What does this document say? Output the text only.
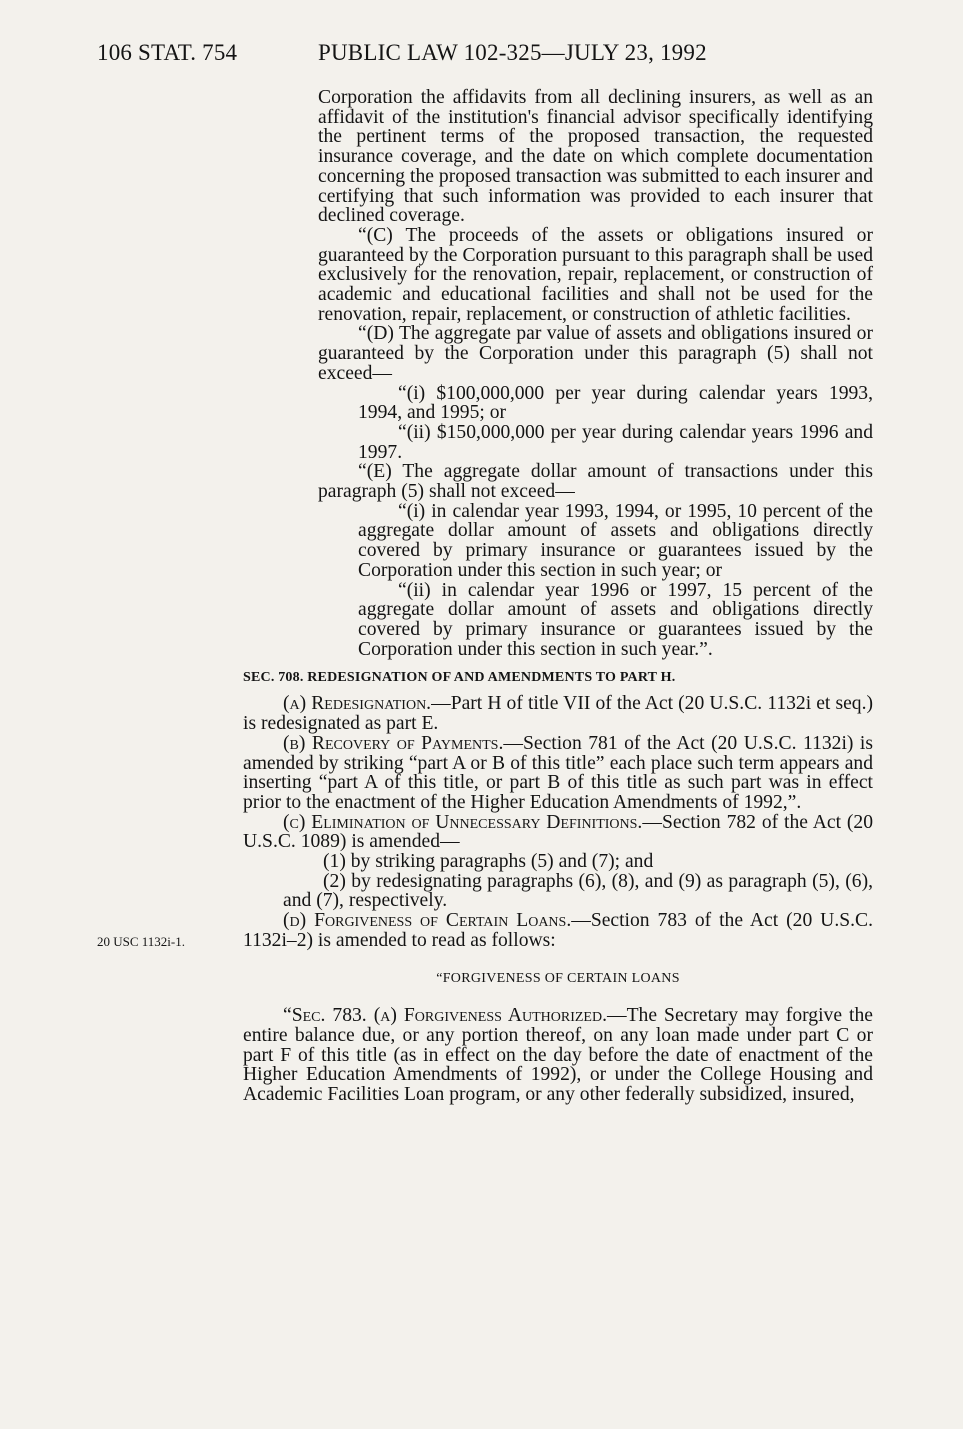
106 STAT. 754	PUBLIC LAW 102-325—JULY 23, 1992
20 USC 1132i-1.

Corporation the affidavits from all declining insurers, as well as an affidavit of the institution's financial advisor specifically identifying the pertinent terms of the proposed transaction, the requested insurance coverage, and the date on which complete documentation concerning the proposed transaction was submitted to each insurer and certifying that such information was provided to each insurer that declined coverage.

“(C) The proceeds of the assets or obligations insured or guaranteed by the Corporation pursuant to this paragraph shall be used exclusively for the renovation, repair, replacement, or construction of academic and educational facilities and shall not be used for the renovation, repair, replacement, or construction of athletic facilities.

“(D) The aggregate par value of assets and obligations insured or guaranteed by the Corporation under this paragraph (5) shall not exceed—

“(i) $100,000,000 per year during calendar years 1993, 1994, and 1995; or

“(ii) $150,000,000 per year during calendar years 1996 and 1997.

“(E) The aggregate dollar amount of transactions under this paragraph (5) shall not exceed—

“(i) in calendar year 1993, 1994, or 1995, 10 percent of the aggregate dollar amount of assets and obligations directly covered by primary insurance or guarantees issued by the Corporation under this section in such year; or

“(ii) in calendar year 1996 or 1997, 15 percent of the aggregate dollar amount of assets and obligations directly covered by primary insurance or guarantees issued by the Corporation under this section in such year.”.

SEC. 708. REDESIGNATION OF AND AMENDMENTS TO PART H.

(a) Redesignation.—Part H of title VII of the Act (20 U.S.C. 1132i et seq.) is redesignated as part E.

(b) Recovery of Payments.—Section 781 of the Act (20 U.S.C. 1132i) is amended by striking “part A or B of this title” each place such term appears and inserting “part A of this title, or part B of this title as such part was in effect prior to the enactment of the Higher Education Amendments of 1992,”.

(c) Elimination of Unnecessary Definitions.—Section 782 of the Act (20 U.S.C. 1089) is amended—

(1) by striking paragraphs (5) and (7); and

(2) by redesignating paragraphs (6), (8), and (9) as paragraph (5), (6), and (7), respectively.

(d) Forgiveness of Certain Loans.—Section 783 of the Act (20 U.S.C. 1132i–2) is amended to read as follows:

“FORGIVENESS OF CERTAIN LOANS

“Sec. 783. (a) Forgiveness Authorized.—The Secretary may forgive the entire balance due, or any portion thereof, on any loan made under part C or part F of this title (as in effect on the day before the date of enactment of the Higher Education Amendments of 1992), or under the College Housing and Academic Facilities Loan program, or any other federally subsidized, insured,
